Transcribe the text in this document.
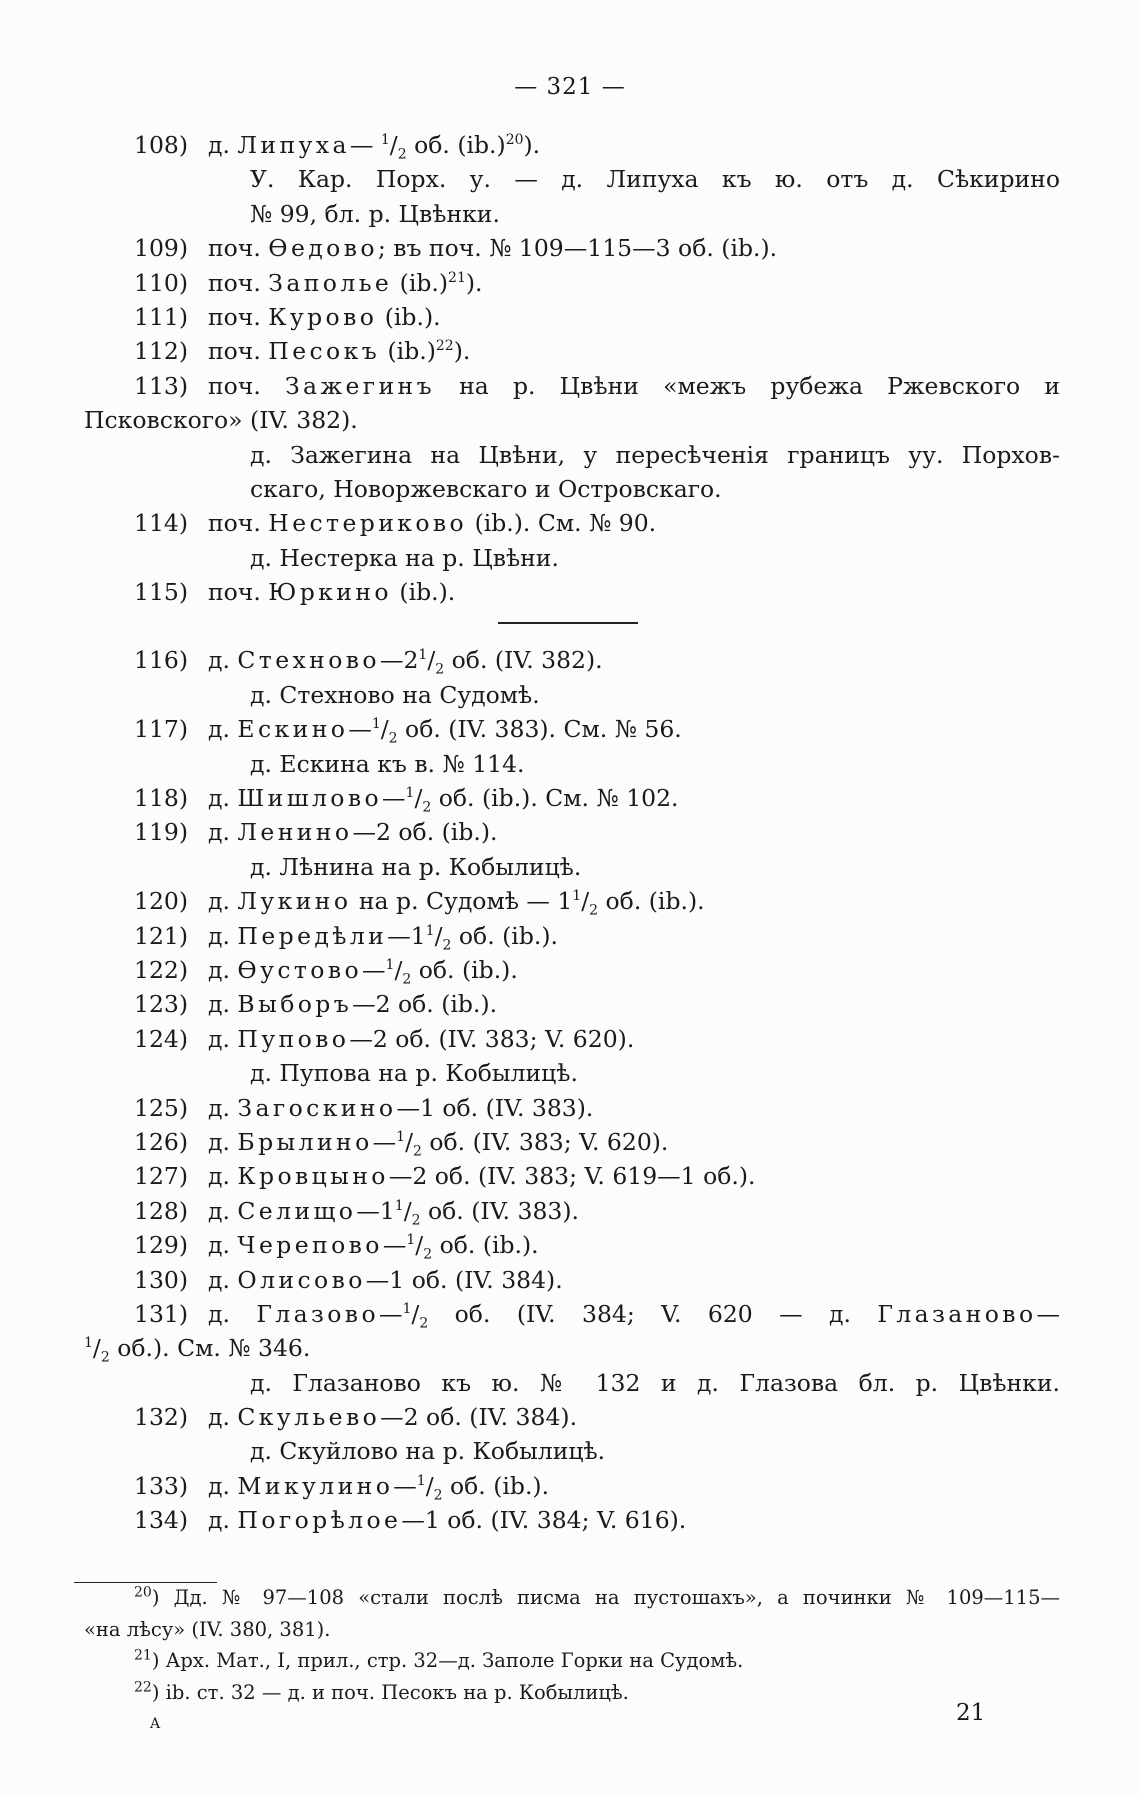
— 321 —
108) д. Липуха— $^1/_2$ об. $(ib.)^{20}$).
У. Кар. Порх. у. — д. Липуха къ ю. отъ д. Сѣкирино
№ 99, бл. р. Цвѣнки.
109) поч. Өедово; въ поч. № 109—115—3 об. (ib.).
110) поч. Заполье $(ib.)^{21}$).
111) поч. Курово (ib.).
112) поч. Песокъ $(ib.)^{22}$).
113) поч. Зажегинъ на р. Цвѣни «межъ рубежа Ржевского и
Псковского» (IV. 382).
д. Зажегина на Цвѣни, у пересѣченія границъ уу. Порхов-
скаго, Новоржевскаго и Островскаго.
114) поч. Нестериково (ib.). См. № 90.
д. Нестерка на р. Цвѣни.
115) поч. Юркино (ib.).
116) д. $Стехново—2^1/_2$ об. (IV. 382).
д. Стехново на Судомѣ.
117) д. $Ескино—^1/_2$ об. (IV. 383). См. № 56.
д. Ескина къ в. № 114.
118) д. $Шишлово—^1/_2$ об. (ib.). См. № 102.
119) д. Ленино—2 об. (ib.).
д. Лѣнина на р. Кобылицѣ.
120) д. Лукино на р. Судомѣ — $1^1/_2$ об. (ib.).
121) д. $Передѣли—1^1/_2$ об. (ib.).
122) д. $Өустово—^1/_2$ об. (ib.).
123) д. Выборъ—2 об. (ib.).
124) д. Пупово—2 об. (IV. 383; V. 620).
д. Пупова на р. Кобылицѣ.
125) д. Загоскино—1 об. (IV. 383).
126) д. $Брылино—^1/_2$ об. (IV. 383; V. 620).
127) д. Кровцыно—2 об. (IV. 383; V. 619—1 об.).
128) д. $Селищо—1^1/_2$ об. (IV. 383).
129) д. $Черепово—^1/_2$ об. (ib.).
130) д. Олисово—1 об. (IV. 384).
131) д. $Глазово—^1/_2$ об. (IV. 384; V. 620 — д. Глазаново—
$^1/_2$ об.). См. № 346.
д. Глазаново къ ю. № 132 и д. Глазова бл. р. Цвѣнки.
132) д. Скульево—2 об. (IV. 384).
д. Скуйлово на р. Кобылицѣ.
133) д. $Микулино—^1/_2$ об. (ib.).
134) д. Погорѣлое—1 об. (IV. 384; V. 616).
$^{20}$) Дд. № 97—108 «стали послѣ писма на пустошахъ», а починки № 109—115—
«на лѣсу» (IV. 380, 381).
$^{21}$) Арх. Мат., I, прил., стр. 32—д. Заполе Горки на Судомѣ.
$^{22}$) ib. ст. 32 — д. и поч. Песокъ на р. Кобылицѣ.
A	21
